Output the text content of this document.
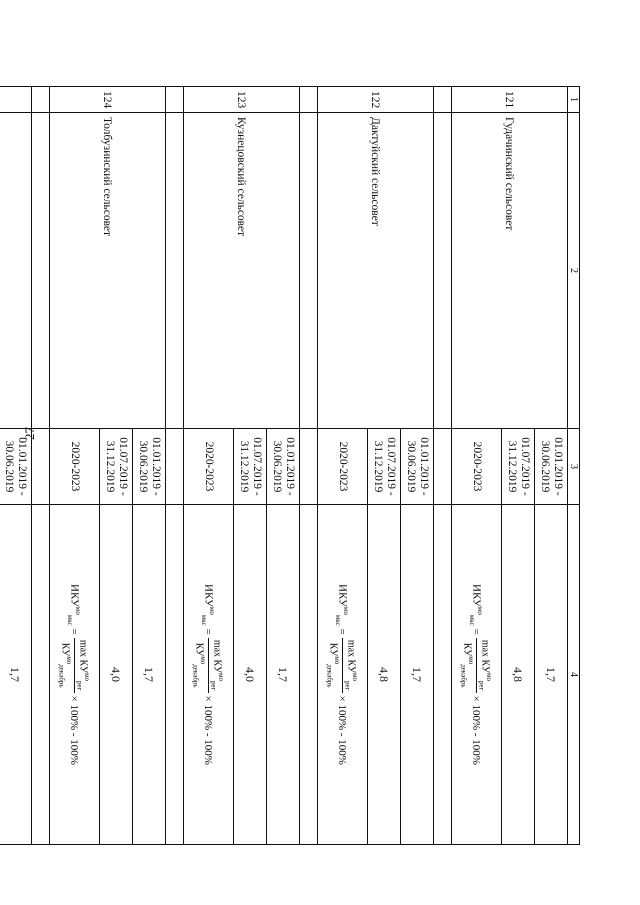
27
1	2	3	4
121	Гудачинский сельсовет	01.01.2019 - 30.06.2019	1,7
		01.07.2019 - 31.12.2019	4,8
		2020-2023	$ИКУ^{мо}_{мкс}$
=
$\max КУ^{мо}_{рег}$
$КУ^{мо}_{декабрь}$
× 100% - 100%

122	Дактуйский сельсовет	01.01.2019 - 30.06.2019	1,7
		01.07.2019 - 31.12.2019	4,8
		2020-2023	$ИКУ^{мо}_{мкс}$
=
$\max КУ^{мо}_{рег}$
$КУ^{мо}_{декабрь}$
× 100% - 100%

123	Кузнецовский сельсовет	01.01.2019 - 30.06.2019	1,7
		01.07.2019 - 31.12.2019	4,0
		2020-2023	$ИКУ^{мо}_{мкс}$
=
$\max КУ^{мо}_{рег}$
$КУ^{мо}_{декабрь}$
× 100% - 100%

124	Толбузинский сельсовет	01.01.2019 - 30.06.2019	1,7
		01.07.2019 - 31.12.2019	4,0
		2020-2023	$ИКУ^{мо}_{мкс}$
=
$\max КУ^{мо}_{рег}$
$КУ^{мо}_{декабрь}$
× 100% - 100%

		01.01.2019 - 30.06.2019	1,7
